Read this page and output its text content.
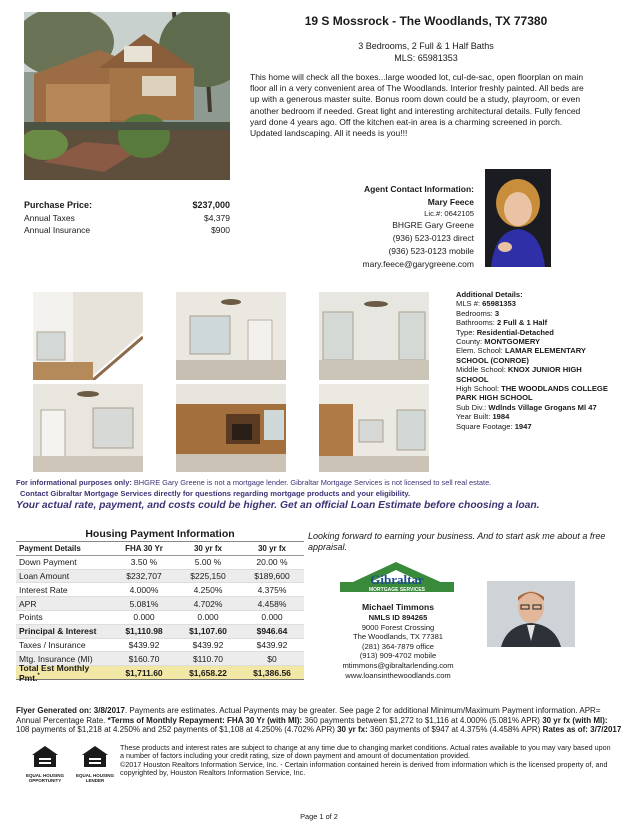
19 S Mossrock - The Woodlands, TX 77380
3 Bedrooms, 2 Full & 1 Half Baths
MLS: 65981353
This home will check all the boxes...large wooded lot, cul-de-sac, open floorplan on main floor all in a very convenient area of The Woodlands. Interior freshly painted. All beds are up with a generous master suite. Bonus room down could be a study, playroom, or even another bedroom if needed. Great light and interesting architectural details. Fully fenced yard done 4 years ago. Off the kitchen eat-in area is a charming screened in porch. Updated landscaping. All it needs is you!!!
Purchase Price:	$237,000
Annual Taxes	$4,379
Annual Insurance	$900
Agent Contact Information:
Mary Feece
Lic.#: 0642105
BHGRE Gary Greene
(936) 523-0123 direct
(936) 523-0123 mobile
mary.feece@garygreene.com
Additional Details:
MLS #: 65981353
Bedrooms: 3
Bathrooms: 2 Full & 1 Half
Type: Residential-Detached
County: MONTGOMERY
Elem. School: LAMAR ELEMENTARY SCHOOL (CONROE)
Middle School: KNOX JUNIOR HIGH SCHOOL
High School: THE WOODLANDS COLLEGE PARK HIGH SCHOOL
Sub Div.: Wdlnds Village Grogans Ml 47
Year Built: 1984
Square Footage: 1947
For informational purposes only: BHGRE Gary Greene is not a mortgage lender. Gibraltar Mortgage Services is not licensed to sell real estate.
Contact Gibraltar Mortgage Services directly for questions regarding mortgage products and your eligibility.
Your actual rate, payment, and costs could be higher. Get an official Loan Estimate before choosing a loan.
Housing Payment Information
Payment Details	FHA 30 Yr	30 yr fx	30 yr fx
Down Payment	3.50 %	5.00 %	20.00 %
Loan Amount	$232,707	$225,150	$189,600
Interest Rate	4.000%	4.250%	4.375%
APR	5.081%	4.702%	4.458%
Points	0.000	0.000	0.000
Principal & Interest	$1,110.98	$1,107.60	$946.64
Taxes / Insurance	$439.92	$439.92	$439.92
Mtg. Insurance (MI)	$160.70	$110.70	$0
Total Est Monthly Pmt.*	$1,711.60	$1,658.22	$1,386.56
Looking forward to earning your business. And to start ask me about a free appraisal.
Gibraltar
MORTGAGE SERVICES
Michael Timmons
NMLS ID 894265
9000 Forest Crossing
The Woodlands, TX 77381
(281) 364-7879 office
(913) 909-4702 mobile
mtimmons@gibraltarlending.com
www.loansinthewoodlands.com
Flyer Generated on: 3/8/2017. Payments are estimates. Actual Payments may be greater. See page 2 for additional Minimum/Maximum Payment information. APR= Annual Percentage Rate. *Terms of Monthly Repayment: FHA 30 Yr (with MI): 360 payments between $1,272 to $1,116 at 4.000% (5.081% APR) 30 yr fx (with MI): 108 payments of $1,218 at 4.250% and 252 payments of $1,108 at 4.250% (4.702% APR) 30 yr fx: 360 payments of $947 at 4.375% (4.458% APR) Rates as of: 3/7/2017
EQUAL HOUSING OPPORTUNITY
EQUAL HOUSING LENDER
These products and interest rates are subject to change at any time due to changing market conditions. Actual rates available to you may vary based upon a number of factors including your credit rating, size of down payment and amount of documentation provided.
©2017 Houston Realtors Information Service, Inc. - Certain information contained herein is derived from information which is the licensed property of, and copyrighted by, Houston Realtors Information Service, Inc.
Page 1 of 2
